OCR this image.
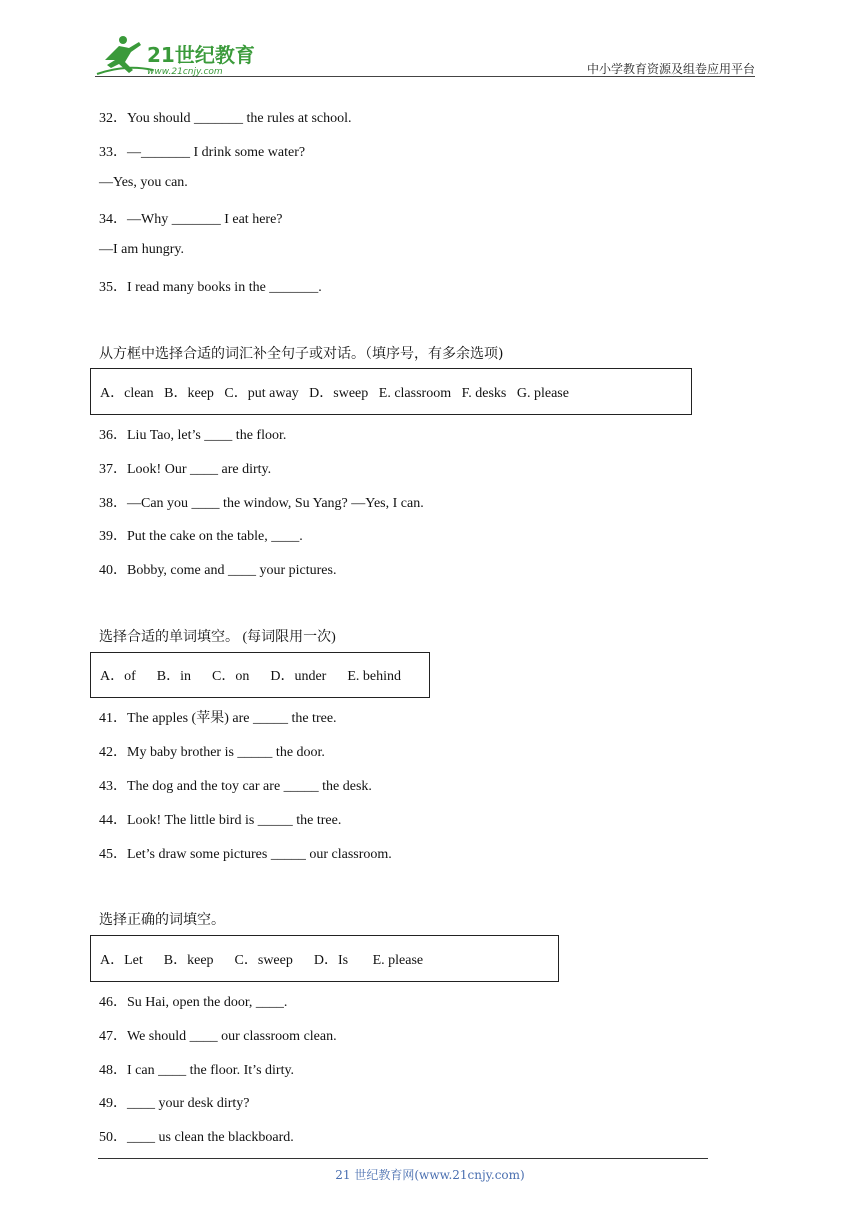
21世纪教育
www.21cnjy.com	中小学教育资源及组卷应用平台
32．You should _______ the rules at school.
33．—_______ I drink some water?
—Yes, you can.
34．—Why _______ I eat here?
—I am hungry.
35．I read many books in the _______.
从方框中选择合适的词汇补全句子或对话。（填序号，有多余选项)
A．clean   B．keep   C．put away   D．sweep   E. classroom   F. desks   G. please
36．Liu Tao, let’s ____ the floor.
37．Look! Our ____ are dirty.
38．—Can you ____ the window, Su Yang? —Yes, I can.
39．Put the cake on the table, ____.
40．Bobby, come and ____ your pictures.
选择合适的单词填空。 (每词限用一次)
A．of      B．in      C．on      D．under      E. behind
41．The apples (苹果) are _____ the tree.
42．My baby brother is _____ the door.
43．The dog and the toy car are _____ the desk.
44．Look! The little bird is _____ the tree.
45．Let’s draw some pictures _____ our classroom.
选择正确的词填空。
A．Let      B．keep      C．sweep      D．Is       E. please
46．Su Hai, open the door, ____.
47．We should ____ our classroom clean.
48．I can ____ the floor. It’s dirty.
49．____ your desk dirty?
50．____ us clean the blackboard.
21 世纪教育网(www.21cnjy.com)
